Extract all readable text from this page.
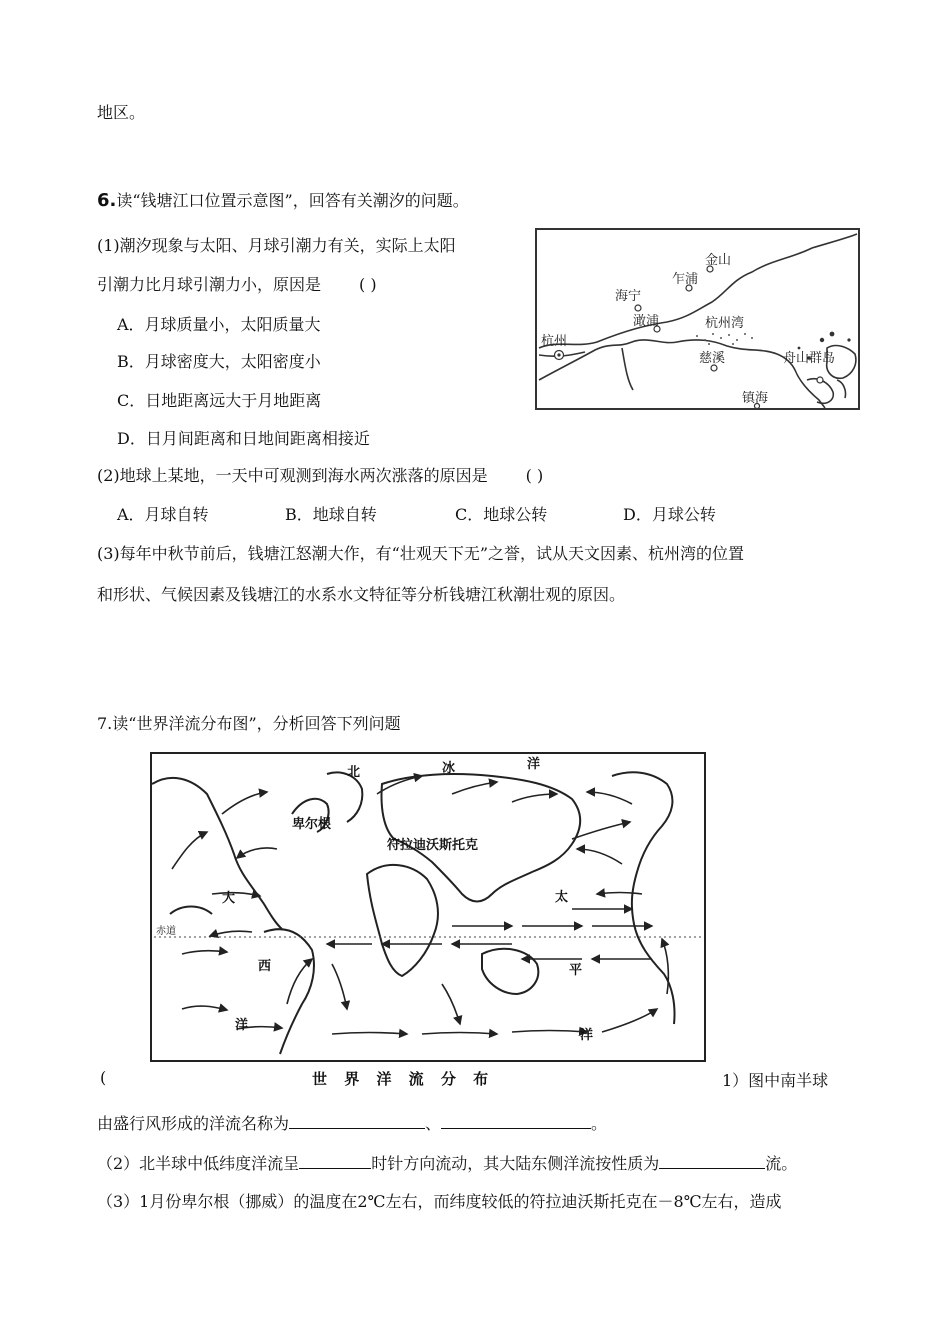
地区。
6.读“钱塘江口位置示意图”，回答有关潮汐的问题。
(1)潮汐现象与太阳、月球引潮力有关，实际上太阳
引潮力比月球引潮力小，原因是 ( )
A．月球质量小，太阳质量大
B．月球密度大，太阳密度小
C．日地距离远大于月地距离
D．日月间距离和日地间距离相接近
金山
乍浦
海宁
澉浦	杭州湾
杭州
慈溪	舟山群岛
镇海
(2)地球上某地，一天中可观测到海水两次涨落的原因是 ( )
A．月球自转	B．地球自转	C．地球公转	D．月球公转
(3)每年中秋节前后，钱塘江怒潮大作，有“壮观天下无”之誉，试从天文因素、杭州湾的位置
和形状、气候因素及钱塘江的水系水文特征等分析钱塘江秋潮壮观的原因。
7.读“世界洋流分布图”，分析回答下列问题
北	冰	洋
卑尔根
符拉迪沃斯托克
大	太
赤道
西	平
洋
洋
(	世 界 洋 流 分 布	1）图中南半球
由盛行风形成的洋流名称为	、	。
（2）北半球中低纬度洋流呈	时针方向流动，其大陆东侧洋流按性质为	流。
（3）1月份卑尔根（挪威）的温度在2℃左右，而纬度较低的符拉迪沃斯托克在－8℃左右，造成
